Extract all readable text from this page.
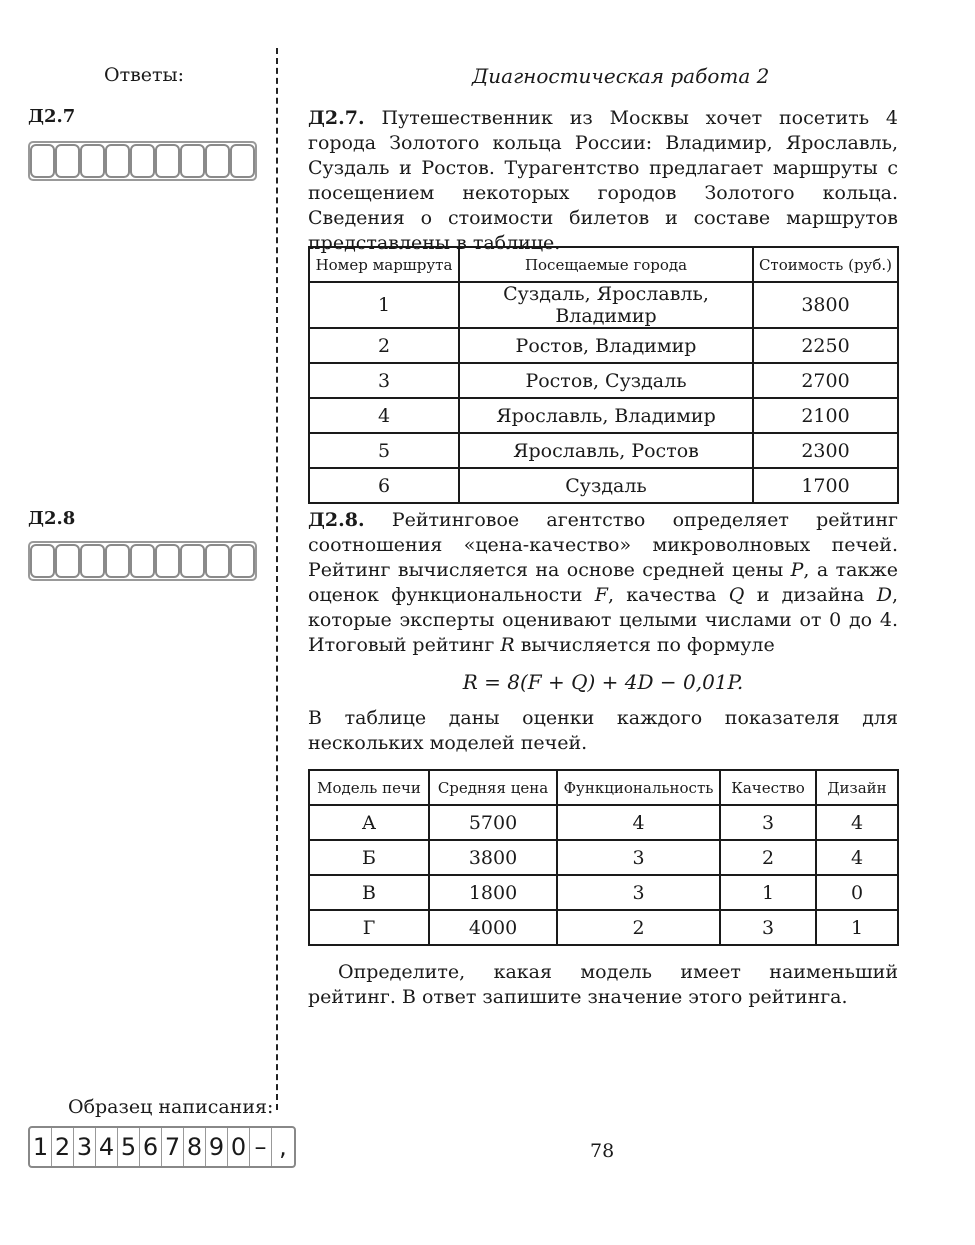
Ответы:	Диагностическая работа 2
Д2.7	Д2.7. Путешественник из Москвы хочет посетить 4 города Золотого кольца России: Владимир, Ярославль, Суздаль и Ростов. Турагентство предлагает маршруты с посещением некоторых городов Золотого кольца. Сведения о стоимости билетов и составе маршрутов представлены в таблице.
Номер маршрута	Посещаемые города	Стоимость (руб.)
1	Суздаль, Ярославль, Владимир	3800
2	Ростов, Владимир	2250
3	Ростов, Суздаль	2700
4	Ярославль, Владимир	2100
5	Ярославль, Ростов	2300
6	Суздаль	1700
Д2.8	Д2.8. Рейтинговое агентство определяет рейтинг соотношения «цена-качество» микроволновых печей. Рейтинг вычисляется на основе средней цены P, а также оценок функциональности F, качества Q и дизайна D, которые эксперты оценивают целыми числами от 0 до 4. Итоговый рейтинг R вычисляется по формуле
R = 8(F + Q) + 4D − 0,01P.
В таблице даны оценки каждого показателя для нескольких моделей печей.
Модель печи	Средняя цена	Функциональность	Качество	Дизайн
А	5700	4	3	4
Б	3800	3	2	4
В	1800	3	1	0
Г	4000	2	3	1
Определите, какая модель имеет наименьший рейтинг. В ответ запишите значение этого рейтинга.
Образец написания:
1 2 3 4 5 6 7 8 9 0 – ,	78
